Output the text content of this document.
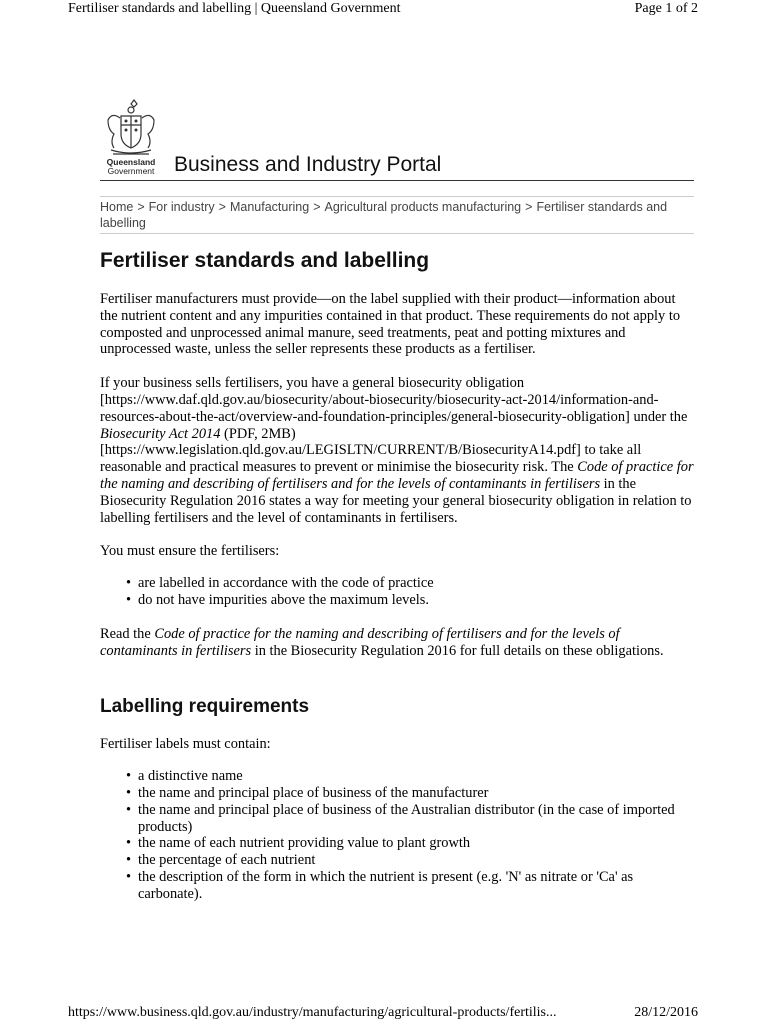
Fertiliser standards and labelling | Queensland Government	Page 1 of 2
Queensland
Government Business and Industry Portal
Home > For industry > Manufacturing > Agricultural products manufacturing > Fertiliser standards and labelling
Fertiliser standards and labelling

Fertiliser manufacturers must provide—on the label supplied with their product—information about the nutrient content and any impurities contained in that product. These requirements do not apply to composted and unprocessed animal manure, seed treatments, peat and potting mixtures and unprocessed waste, unless the seller represents these products as a fertiliser.

If your business sells fertilisers, you have a general biosecurity obligation [https://www.daf.qld.gov.au/biosecurity/about-biosecurity/biosecurity-act-2014/information-and-resources-about-the-act/overview-and-foundation-principles/general-biosecurity-obligation] under the Biosecurity Act 2014 (PDF, 2MB) [https://www.legislation.qld.gov.au/LEGISLTN/CURRENT/B/BiosecurityA14.pdf] to take all reasonable and practical measures to prevent or minimise the biosecurity risk. The Code of practice for the naming and describing of fertilisers and for the levels of contaminants in fertilisers in the Biosecurity Regulation 2016 states a way for meeting your general biosecurity obligation in relation to labelling fertilisers and the level of contaminants in fertilisers.

You must ensure the fertilisers:

• are labelled in accordance with the code of practice
• do not have impurities above the maximum levels.

Read the Code of practice for the naming and describing of fertilisers and for the levels of contaminants in fertilisers in the Biosecurity Regulation 2016 for full details on these obligations.

Labelling requirements

Fertiliser labels must contain:

• a distinctive name
• the name and principal place of business of the manufacturer
• the name and principal place of business of the Australian distributor (in the case of imported products)
• the name of each nutrient providing value to plant growth
• the percentage of each nutrient
• the description of the form in which the nutrient is present (e.g. 'N' as nitrate or 'Ca' as carbonate).
https://www.business.qld.gov.au/industry/manufacturing/agricultural-products/fertilis...	28/12/2016
